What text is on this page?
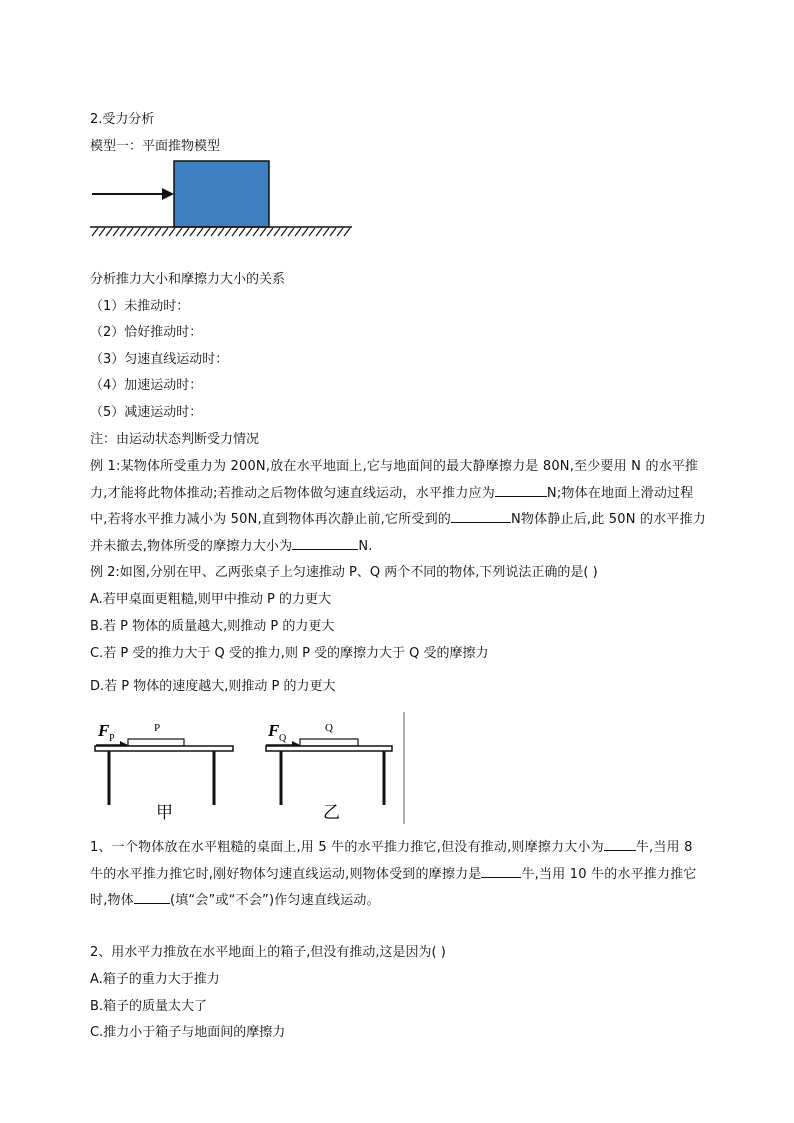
2.受力分析
模型一：平面推物模型
分析推力大小和摩擦力大小的关系
（1）未推动时：
（2）恰好推动时：
（3）匀速直线运动时：
（4）加速运动时：
（5）减速运动时：
注：由运动状态判断受力情况
例 1:某物体所受重力为 200N,放在水平地面上,它与地面间的最大静摩擦力是 80N,至少要用 N 的水平推力,才能将此物体推动;若推动之后物体做匀速直线运动，水平推力应为	N;物体在地面上滑动过程中,若将水平推力减小为 50N,直到物体再次静止前,它所受到的	N物体静止后,此 50N 的水平推力并未撤去,物体所受的摩擦力大小为	N.
例 2:如图,分别在甲、乙两张桌子上匀速推动 P、Q 两个不同的物体,下列说法正确的是( )
A.若甲桌面更粗糙,则甲中推动 P 的力更大
B.若 P 物体的质量越大,则推动 P 的力更大
C.若 P 受的推力大于 Q 受的推力,则 P 受的摩擦力大于 Q 受的摩擦力
D.若 P 物体的速度越大,则推动 P 的力更大
F P
P
甲
F Q
Q
乙
1、一个物体放在水平粗糙的桌面上,用 5 牛的水平推力推它,但没有推动,则摩擦力大小为 牛,当用 8 牛的水平推力推它时,刚好物体匀速直线运动,则物体受到的摩擦力是	牛,当用 10 牛的水平推力推它时,物体	(填“会”或“不会”)作匀速直线运动。
2、用水平力推放在水平地面上的箱子,但没有推动,这是因为( )
A.箱子的重力大于推力
B.箱子的质量太大了
C.推力小于箱子与地面间的摩擦力
